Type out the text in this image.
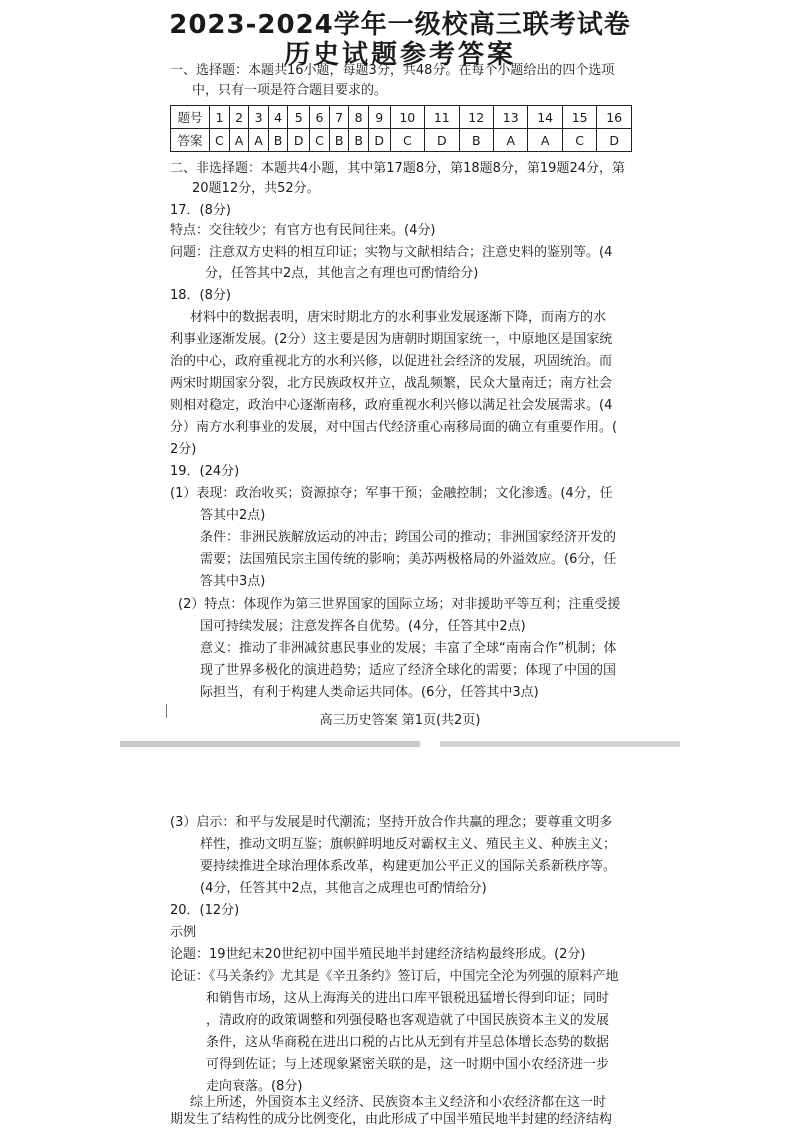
2023-2024学年一级校高三联考试卷
历史试题参考答案
一、选择题：本题共16小题，每题3分，共48分。在每个小题给出的四个选项
中，只有一项是符合题目要求的。
题号	1	2	3	4	5	6	7	8	9	10	11	12	13	14	15	16
答案	C	A	A	B	D	C	B	B	D	C	D	B	A	A	C	D
二、非选择题：本题共4小题，其中第17题8分，第18题8分，第19题24分，第
20题12分，共52分。
17．(8分)
特点：交往较少；有官方也有民间往来。(4分)
问题：注意双方史料的相互印证；实物与文献相结合；注意史料的鉴别等。(4
分，任答其中2点，其他言之有理也可酌情给分)
18．(8分)
材料中的数据表明，唐宋时期北方的水利事业发展逐渐下降，而南方的水
利事业逐渐发展。(2分）这主要是因为唐朝时期国家统一，中原地区是国家统
治的中心，政府重视北方的水利兴修，以促进社会经济的发展，巩固统治。而
两宋时期国家分裂，北方民族政权并立，战乱频繁，民众大量南迁；南方社会
则相对稳定，政治中心逐渐南移，政府重视水利兴修以满足社会发展需求。(4
分）南方水利事业的发展，对中国古代经济重心南移局面的确立有重要作用。(
2分)
19．(24分)
(1）表现：政治收买；资源掠夺；军事干预；金融控制；文化渗透。(4分，任
答其中2点)
条件：非洲民族解放运动的冲击；跨国公司的推动；非洲国家经济开发的
需要；法国殖民宗主国传统的影响；美苏两极格局的外溢效应。(6分，任
答其中3点)
(2）特点：体现作为第三世界国家的国际立场；对非援助平等互利；注重受援
国可持续发展；注意发挥各自优势。(4分，任答其中2点)
意义：推动了非洲减贫惠民事业的发展；丰富了全球“南南合作”机制；体
现了世界多极化的演进趋势；适应了经济全球化的需要；体现了中国的国
际担当，有利于构建人类命运共同体。(6分，任答其中3点)
高三历史答案 第1页(共2页)
(3）启示：和平与发展是时代潮流；坚持开放合作共赢的理念；要尊重文明多
样性，推动文明互鉴；旗帜鲜明地反对霸权主义、殖民主义、种族主义；
要持续推进全球治理体系改革，构建更加公平正义的国际关系新秩序等。
(4分，任答其中2点，其他言之成理也可酌情给分)
20．(12分)
示例
论题：19世纪末20世纪初中国半殖民地半封建经济结构最终形成。(2分)
论证：《马关条约》尤其是《辛丑条约》签订后，中国完全沦为列强的原料产地
和销售市场，这从上海海关的进出口库平银税迅猛增长得到印证；同时
，清政府的政策调整和列强侵略也客观造就了中国民族资本主义的发展
条件，这从华商税在进出口税的占比从无到有并呈总体增长态势的数据
可得到佐证；与上述现象紧密关联的是，这一时期中国小农经济进一步
走向衰落。(8分)
综上所述，外国资本主义经济、民族资本主义经济和小农经济都在这一时
期发生了结构性的成分比例变化，由此形成了中国半殖民地半封建的经济结构
